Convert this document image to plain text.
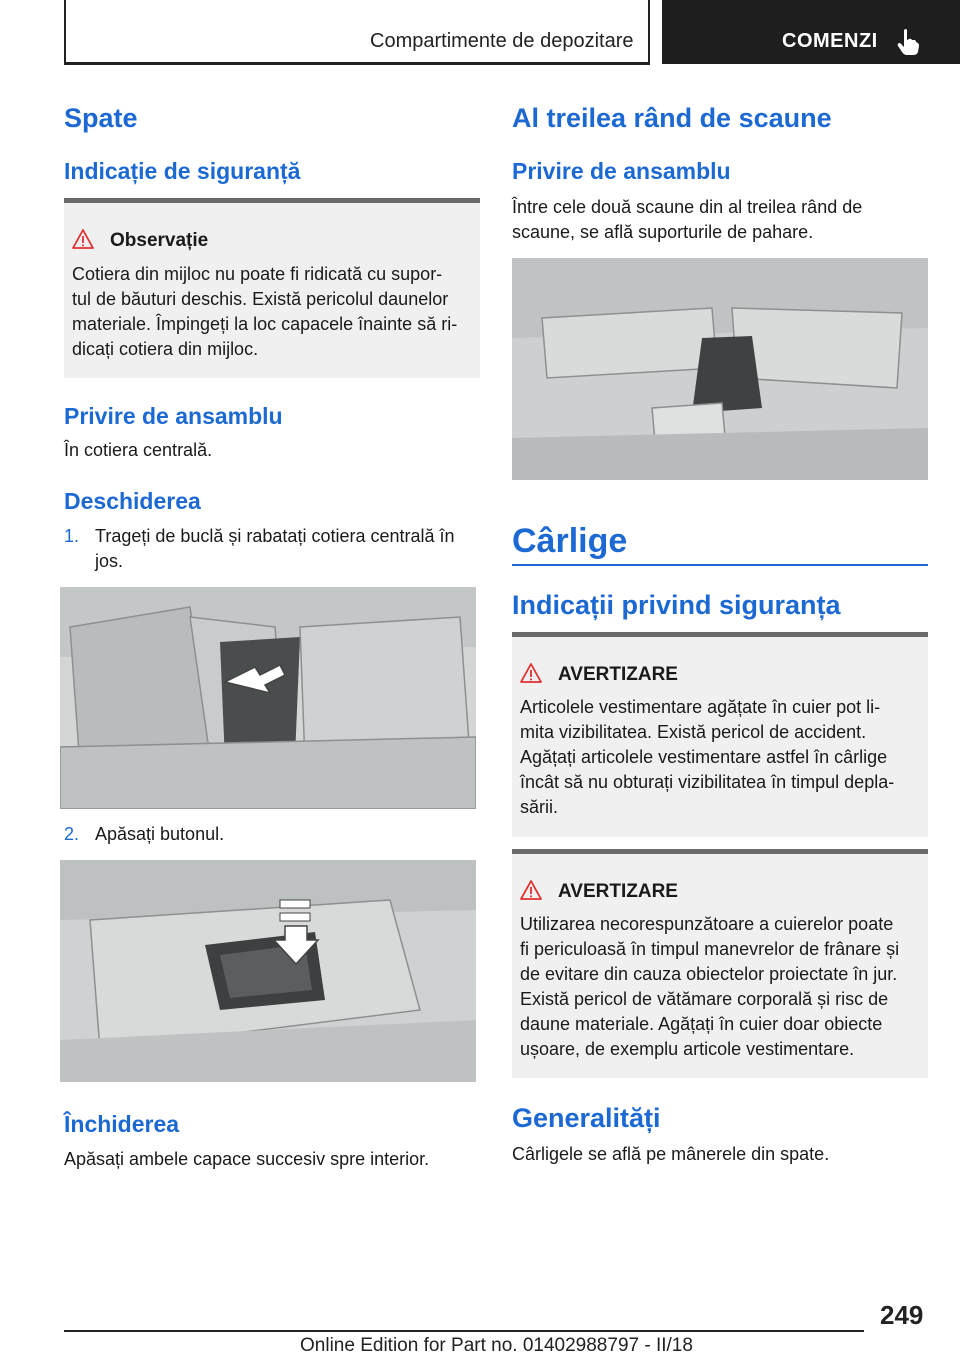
Compartimente de depozitare	COMENZI
Spate
Indicație de siguranță
Observație
Cotiera din mijloc nu poate fi ridicată cu supor‐
tul de băuturi deschis. Există pericolul daunelor
materiale. Împingeți la loc capacele înainte să ri‐
dicați cotiera din mijloc.
Privire de ansamblu
În cotiera centrală.
Deschiderea
1. Trageți de buclă și rabatați cotiera centrală în
jos.
2. Apăsați butonul.
Închiderea
Apăsați ambele capace succesiv spre interior.
Al treilea rând de scaune
Privire de ansamblu
Între cele două scaune din al treilea rând de
scaune, se află suporturile de pahare.
Cârlige
Indicații privind siguranța
AVERTIZARE
Articolele vestimentare agățate în cuier pot li‐
mita vizibilitatea. Există pericol de accident.
Agățați articolele vestimentare astfel în cârlige
încât să nu obturați vizibilitatea în timpul depla‐
sării.
AVERTIZARE
Utilizarea necorespunzătoare a cuierelor poate
fi periculoasă în timpul manevrelor de frânare și
de evitare din cauza obiectelor proiectate în jur.
Există pericol de vătămare corporală și risc de
daune materiale. Agățați în cuier doar obiecte
ușoare, de exemplu articole vestimentare.
Generalități
Cârligele se află pe mânerele din spate.
249
Online Edition for Part no. 01402988797 - II/18
